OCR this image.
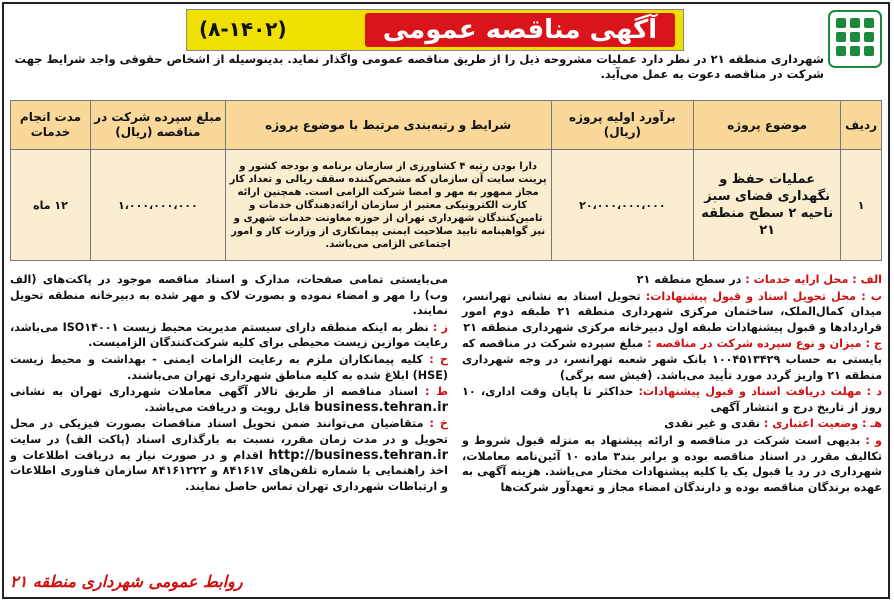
(۸-۱۴۰۲)	آگهی مناقصه عمومی
شهرداری منطقه ۲۱ در نظر دارد عملیات مشروحه ذیل را از طریق مناقصه عمومی واگذار نماید. بدینوسیله از اشخاص حقوقی واجد شرایط جهت شرکت در مناقصه دعوت به عمل می‌آید.
ردیف	موضوع پروژه	برآورد اولیه پروژه (ریال)	شرایط و رتبه‌بندی مرتبط با موضوع پروژه	مبلغ سپرده شرکت در مناقصه (ریال)	مدت انجام خدمات
۱	عملیات حفظ و نگهداری فضای سبز ناحیه ۲ سطح منطقه ۲۱	۲۰،۰۰۰،۰۰۰،۰۰۰	دارا بودن رتبه ۴ کشاورزی از سازمان برنامه و بودجه کشور و پرینت سایت آن سازمان که مشخص‌کننده سقف ریالی و تعداد کار مجاز ممهور به مهر و امضا شرکت الزامی است. همچنین ارائه کارت الکترونیکی معتبر از سازمان ارائه‌دهندگان خدمات و تامین‌کنندگان شهرداری تهران از حوزه معاونت خدمات شهری و نیز گواهینامه تایید صلاحیت ایمنی پیمانکاری از وزارت کار و امور اجتماعی الزامی می‌باشد.	۱،۰۰۰،۰۰۰،۰۰۰	۱۲ ماه

الف : محل ارایه خدمات : در سطح منطقه ۲۱

ب : محل تحویل اسناد و قبول پیشنهادات: تحویل اسناد به نشانی تهرانسر، میدان کمال‌الملک، ساختمان مرکزی شهرداری منطقه ۲۱ طبقه دوم امور قراردادها و قبول پیشنهادات طبقه اول دبیرخانه مرکزی شهرداری منطقه ۲۱

ج : میزان و نوع سپرده شرکت در مناقصه : مبلغ سپرده شرکت در مناقصه که بایستی به حساب ۱۰۰۴۵۱۳۴۲۹ بانک شهر شعبه تهرانسر، در وجه شهرداری منطقه ۲۱ واریز گردد مورد تأیید می‌باشد. (فیش سه برگی)

د : مهلت دریافت اسناد و قبول پیشنهادات: حداکثر تا پایان وقت اداری، ۱۰ روز از تاریخ درج و انتشار آگهی

هـ : وضعیت اعتباری : نقدی و غیر نقدی

و : بدیهی است شرکت در مناقصه و ارائه پیشنهاد به منزله قبول شروط و تکالیف مقرر در اسناد مناقصه بوده و برابر بند۳ ماده ۱۰ آئین‌نامه معاملات، شهرداری در رد یا قبول یک یا کلیه پیشنهادات مختار می‌باشد. هزینه آگهی به عهده برندگان مناقصه بوده و دارندگان امضاء مجاز و تعهدآور شرکت‌ها

می‌بایستی تمامی صفحات، مدارک و اسناد مناقصه موجود در پاکت‌های (الف وب) را مهر و امضاء نموده و بصورت لاک و مهر شده به دبیرخانه منطقه تحویل نمایند.

ز : نظر به اینکه منطقه دارای سیستم مدیریت محیط زیست ISO۱۴۰۰۱ می‌باشد، رعایت موازین زیست محیطی برای کلیه شرکت‌کنندگان الزامیست.

ح : کلیه پیمانکاران ملزم به رعایت الزامات ایمنی - بهداشت و محیط زیست (HSE) ابلاغ شده به کلیه مناطق شهرداری تهران می‌باشند.

ط : اسناد مناقصه از طریق تالار آگهی معاملات شهرداری تهران به نشانی business.tehran.ir قابل رویت و دریافت می‌باشد.

خ : متقاضیان می‌توانند ضمن تحویل اسناد مناقصات بصورت فیزیکی در محل تحویل و در مدت زمان مقرر، نسبت به بارگذاری اسناد (پاکت الف) در سایت http://business.tehran.ir اقدام و در صورت نیاز به دریافت اطلاعات و اخذ راهنمایی با شماره تلفن‌های ۸۴۱۶۱۷ و ۸۴۱۶۱۲۲۲ سازمان فناوری اطلاعات و ارتباطات شهرداری تهران تماس حاصل نمایند.

روابط عمومی شهرداری منطقه ۲۱
